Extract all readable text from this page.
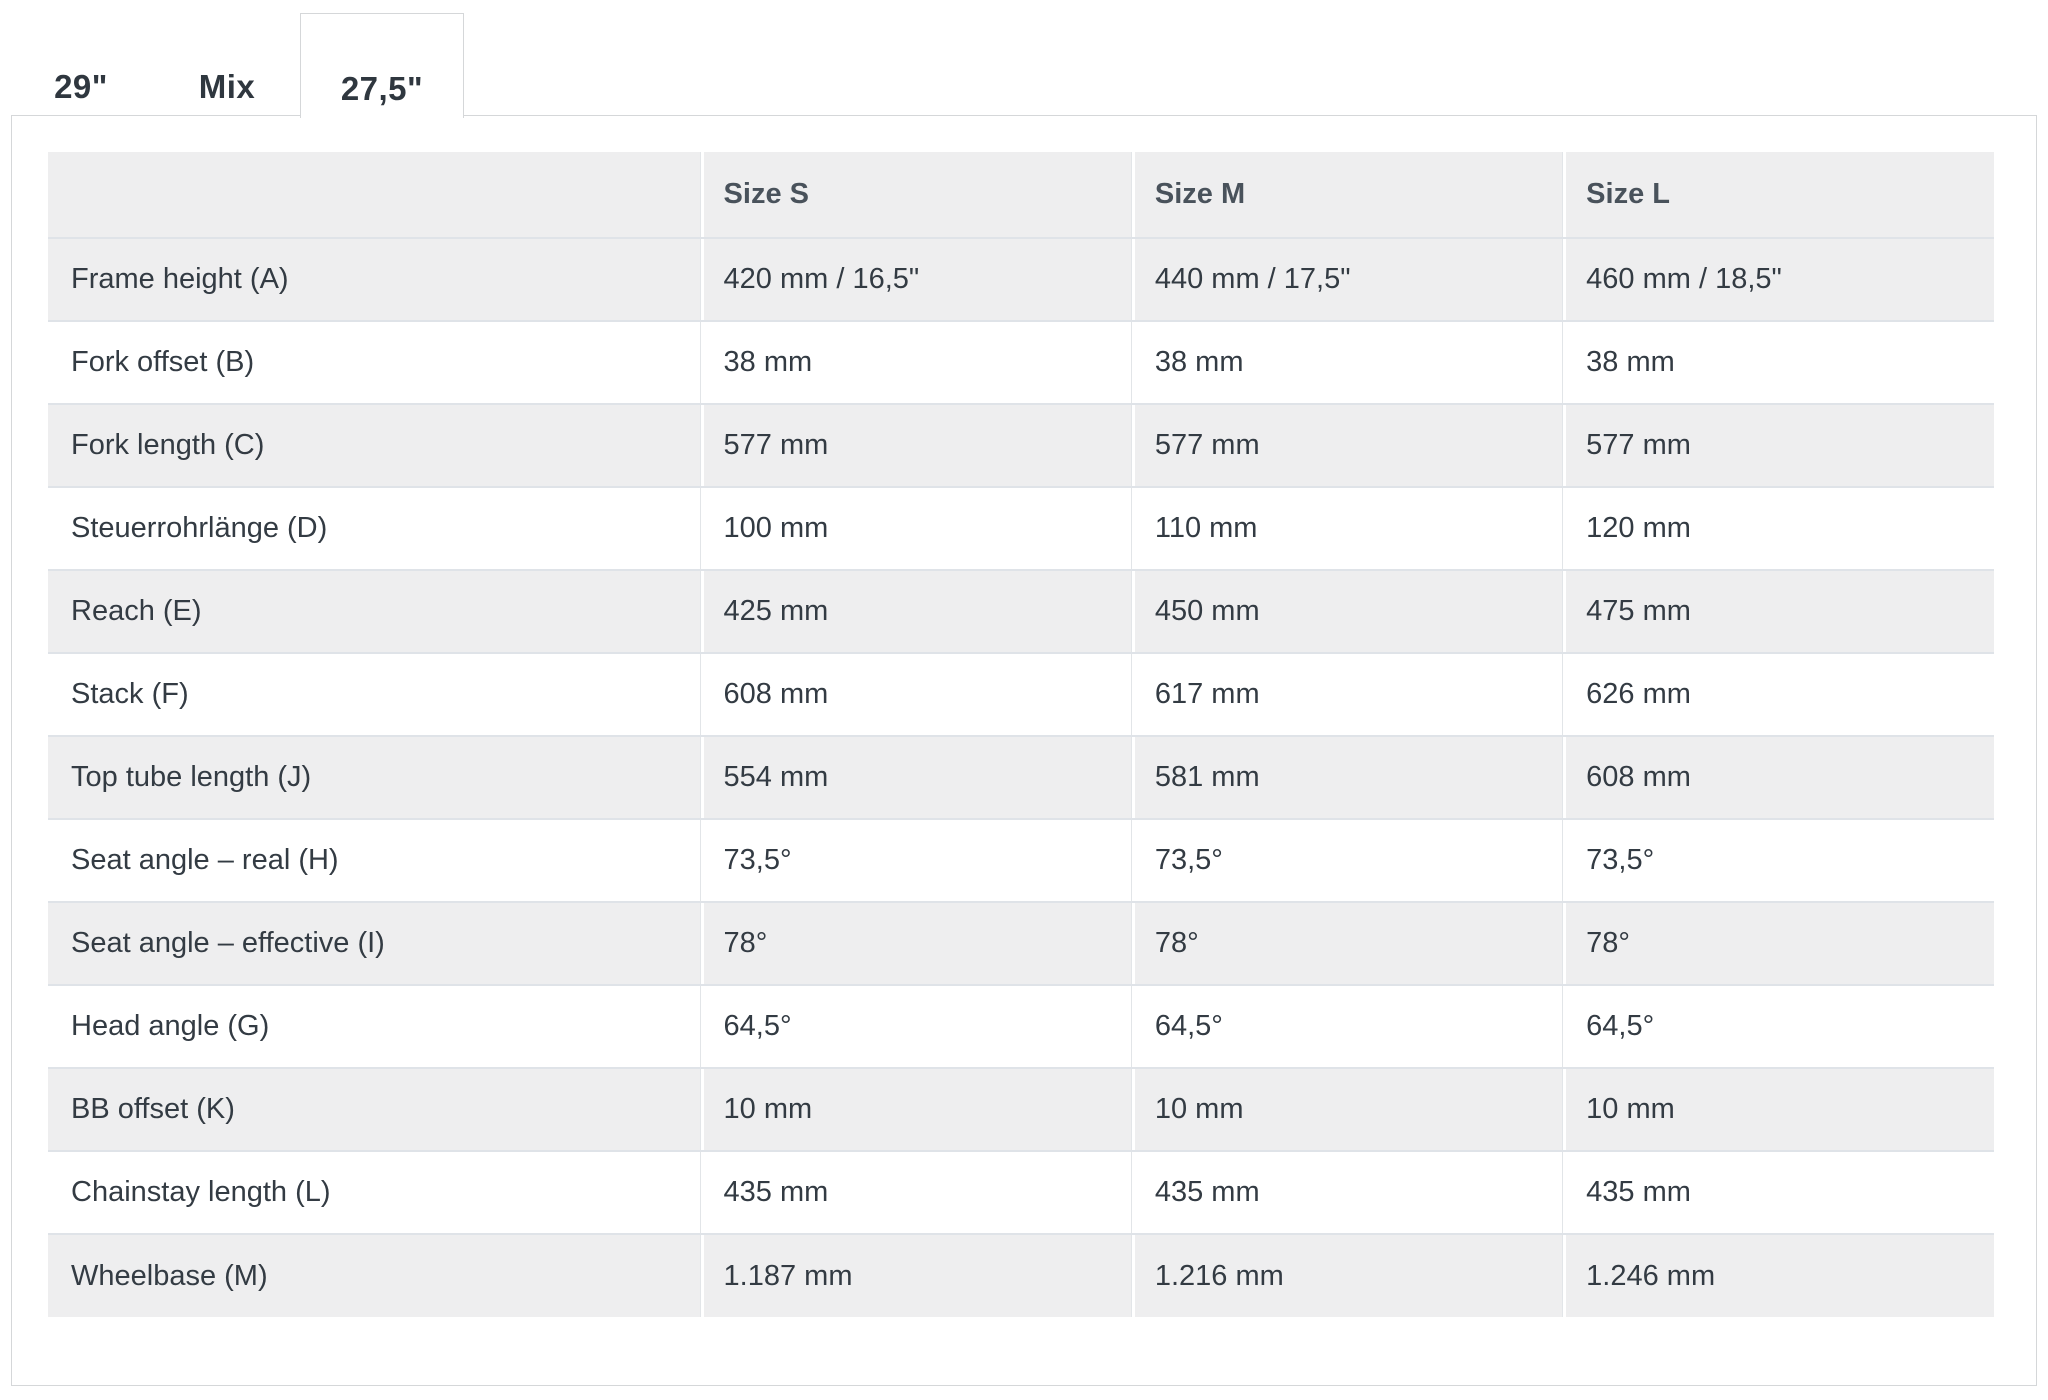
29"	Mix	27,5"
	Size S	Size M	Size L
Frame height (A)	420 mm / 16,5"	440 mm / 17,5"	460 mm / 18,5"
Fork offset (B)	38 mm	38 mm	38 mm
Fork length (C)	577 mm	577 mm	577 mm
Steuerrohrlänge (D)	100 mm	110 mm	120 mm
Reach (E)	425 mm	450 mm	475 mm
Stack (F)	608 mm	617 mm	626 mm
Top tube length (J)	554 mm	581 mm	608 mm
Seat angle – real (H)	73,5°	73,5°	73,5°
Seat angle – effective (I)	78°	78°	78°
Head angle (G)	64,5°	64,5°	64,5°
BB offset (K)	10 mm	10 mm	10 mm
Chainstay length (L)	435 mm	435 mm	435 mm
Wheelbase (M)	1.187 mm	1.216 mm	1.246 mm
